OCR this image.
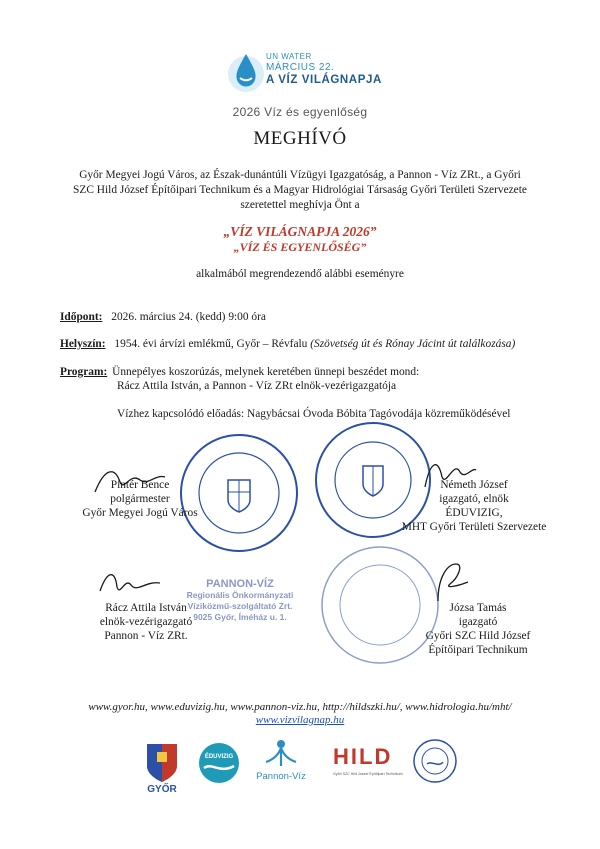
UN WATER
MÁRCIUS 22.
A VÍZ VILÁGNAPJA
2026 Víz és egyenlőség
MEGHÍVÓ
Győr Megyei Jogú Város, az Észak-dunántúli Vízügyi Igazgatóság, a Pannon - Víz ZRt., a Győri
SZC Hild József Építőipari Technikum és a Magyar Hidrológiai Társaság Győri Területi Szervezete
szeretettel meghívja Önt a
„VÍZ VILÁGNAPJA 2026”
„VÍZ ÉS EGYENLŐSÉG”
alkalmából megrendezendő alábbi eseményre
Időpont: 2026. március 24. (kedd) 9:00 óra
Helyszín: 1954. évi árvízi emlékmű, Győr – Révfalu (Szövetség út és Rónay Jácint út találkozása)
Program: Ünnepélyes koszorúzás, melynek keretében ünnepi beszédet mond:
Rácz Attila István, a Pannon - Víz ZRt elnök-vezérigazgatója
Vízhez kapcsolódó előadás: Nagybácsai Óvoda Bóbita Tagóvodája közreműködésével
PANNON-VÍZ
Regionális Önkormányzati
Víziközmű-szolgáltató Zrt.
9025 Győr, Íméház u. 1.
Pintér Bence
polgármester
Győr Megyei Jogú Város
Németh József
igazgató, elnök
ÉDUVIZIG,
MHT Győri Területi Szervezete
Rácz Attila István
elnök-vezérigazgató
Pannon - Víz ZRt.
Józsa Tamás
igazgató
Győri SZC Hild József
Építőipari Technikum
www.gyor.hu, www.eduvizig.hu, www.pannon-viz.hu, http://hildszki.hu/, www.hidrologia.hu/mht/
www.vizvilagnap.hu
GYŐR
ÉDUVIZIG
Pannon-Víz
HILD
Győri SZC Hild József Építőipari Technikum
